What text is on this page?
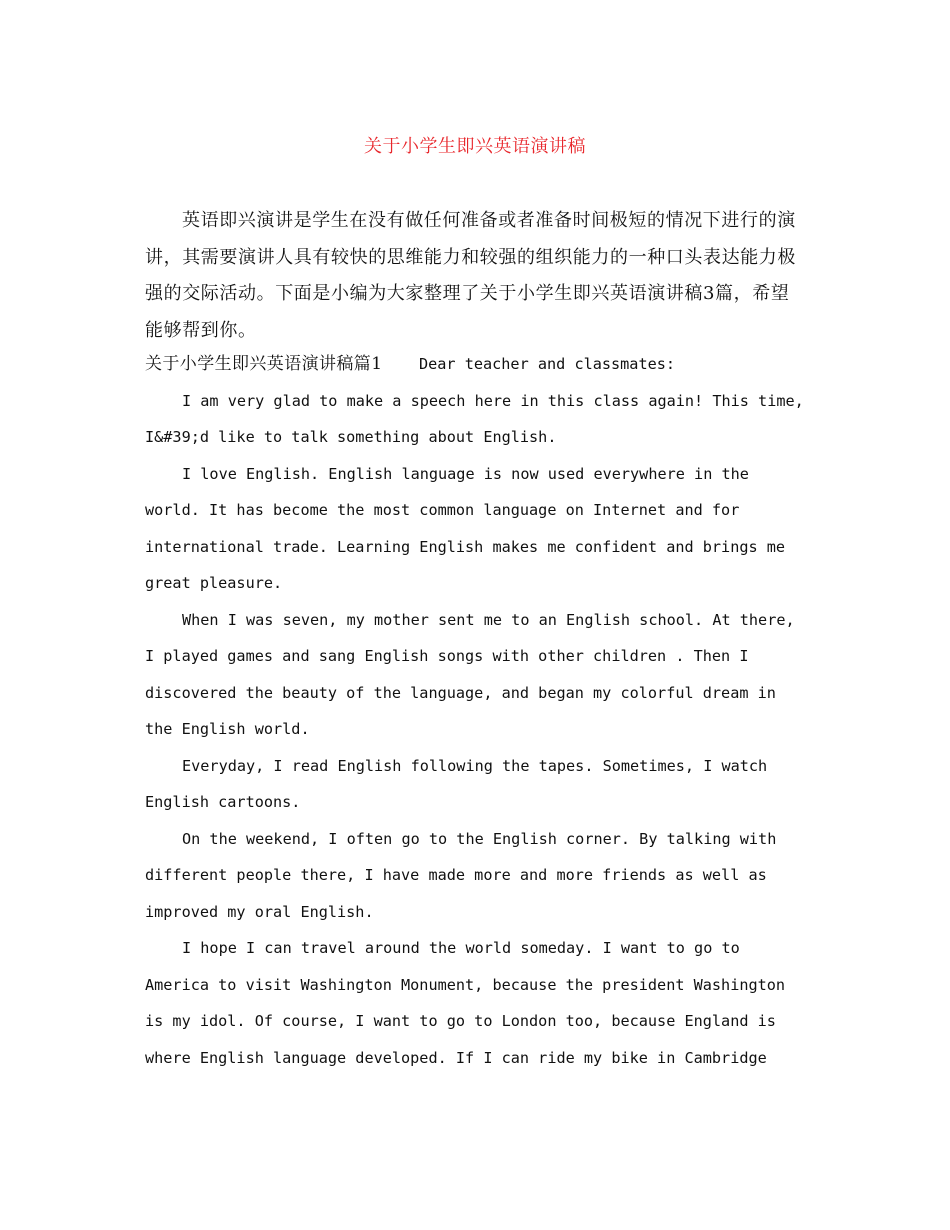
关于小学生即兴英语演讲稿

英语即兴演讲是学生在没有做任何准备或者准备时间极短的情况下进行的演讲，其需要演讲人具有较快的思维能力和较强的组织能力的一种口头表达能力极强的交际活动。下面是小编为大家整理了关于小学生即兴英语演讲稿3篇，希望能够帮到你。

关于小学生即兴英语演讲稿篇1 Dear teacher and classmates:

I am very glad to make a speech here in this class again! This time, I&#39;d like to talk something about English.

I love English. English language is now used everywhere in the world. It has become the most common language on Internet and for international trade. Learning English makes me confident and brings me great pleasure.

When I was seven, my mother sent me to an English school. At there, I played games and sang English songs with other children . Then I discovered the beauty of the language, and began my colorful dream in the English world.

Everyday, I read English following the tapes. Sometimes, I watch English cartoons.

On the weekend, I often go to the English corner. By talking with different people there, I have made more and more friends as well as improved my oral English.

I hope I can travel around the world someday. I want to go to America to visit Washington Monument, because the president Washington is my idol. Of course, I want to go to London too, because England is where English language developed. If I can ride my bike in Cambridge
